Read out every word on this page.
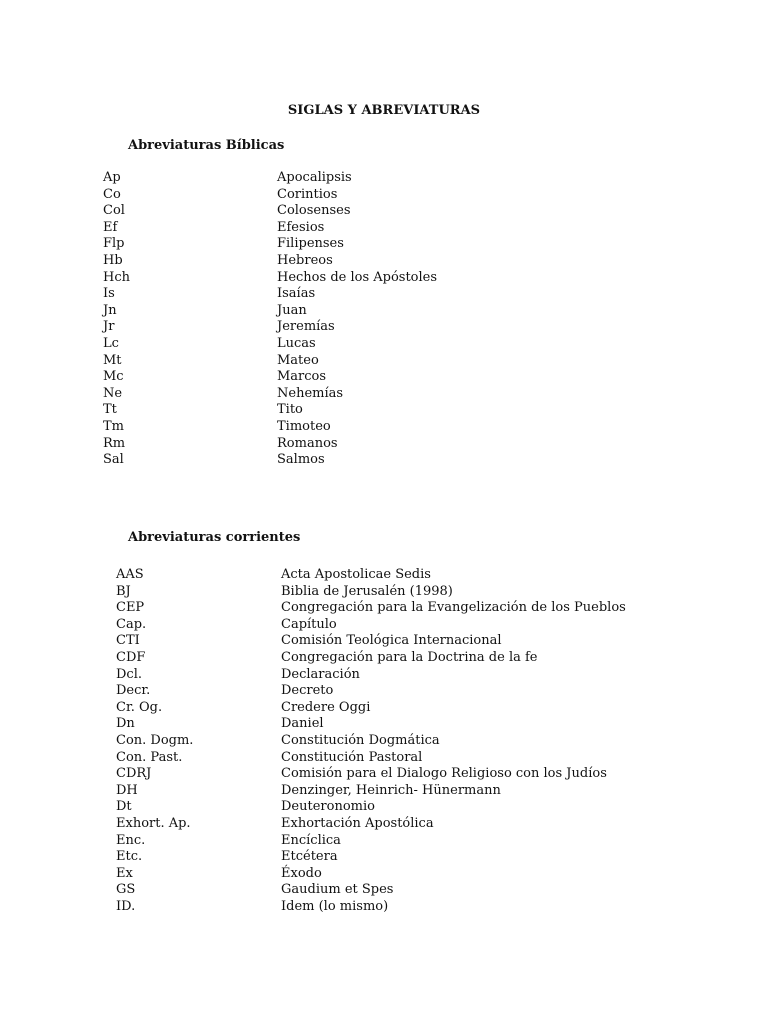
SIGLAS Y ABREVIATURAS
Abreviaturas Bíblicas
Ap	Apocalipsis
Co	Corintios
Col	Colosenses
Ef	Efesios
Flp	Filipenses
Hb	Hebreos
Hch	Hechos de los Apóstoles
Is	Isaías
Jn	Juan
Jr	Jeremías
Lc	Lucas
Mt	Mateo
Mc	Marcos
Ne	Nehemías
Tt	Tito
Tm	Timoteo
Rm	Romanos
Sal	Salmos
Abreviaturas corrientes
AAS	Acta Apostolicae Sedis
BJ	Biblia de Jerusalén (1998)
CEP	Congregación para la Evangelización de los Pueblos
Cap.	Capítulo
CTI	Comisión Teológica Internacional
CDF	Congregación para la Doctrina de la fe
Dcl.	Declaración
Decr.	Decreto
Cr. Og.	Credere Oggi
Dn	Daniel
Con. Dogm.	Constitución Dogmática
Con. Past.	Constitución Pastoral
CDRJ	Comisión para el Dialogo Religioso con los Judíos
DH	Denzinger, Heinrich- Hünermann
Dt	Deuteronomio
Exhort. Ap.	Exhortación Apostólica
Enc.	Encíclica
Etc.	Etcétera
Ex	Éxodo
GS	Gaudium et Spes
ID.	Idem (lo mismo)
